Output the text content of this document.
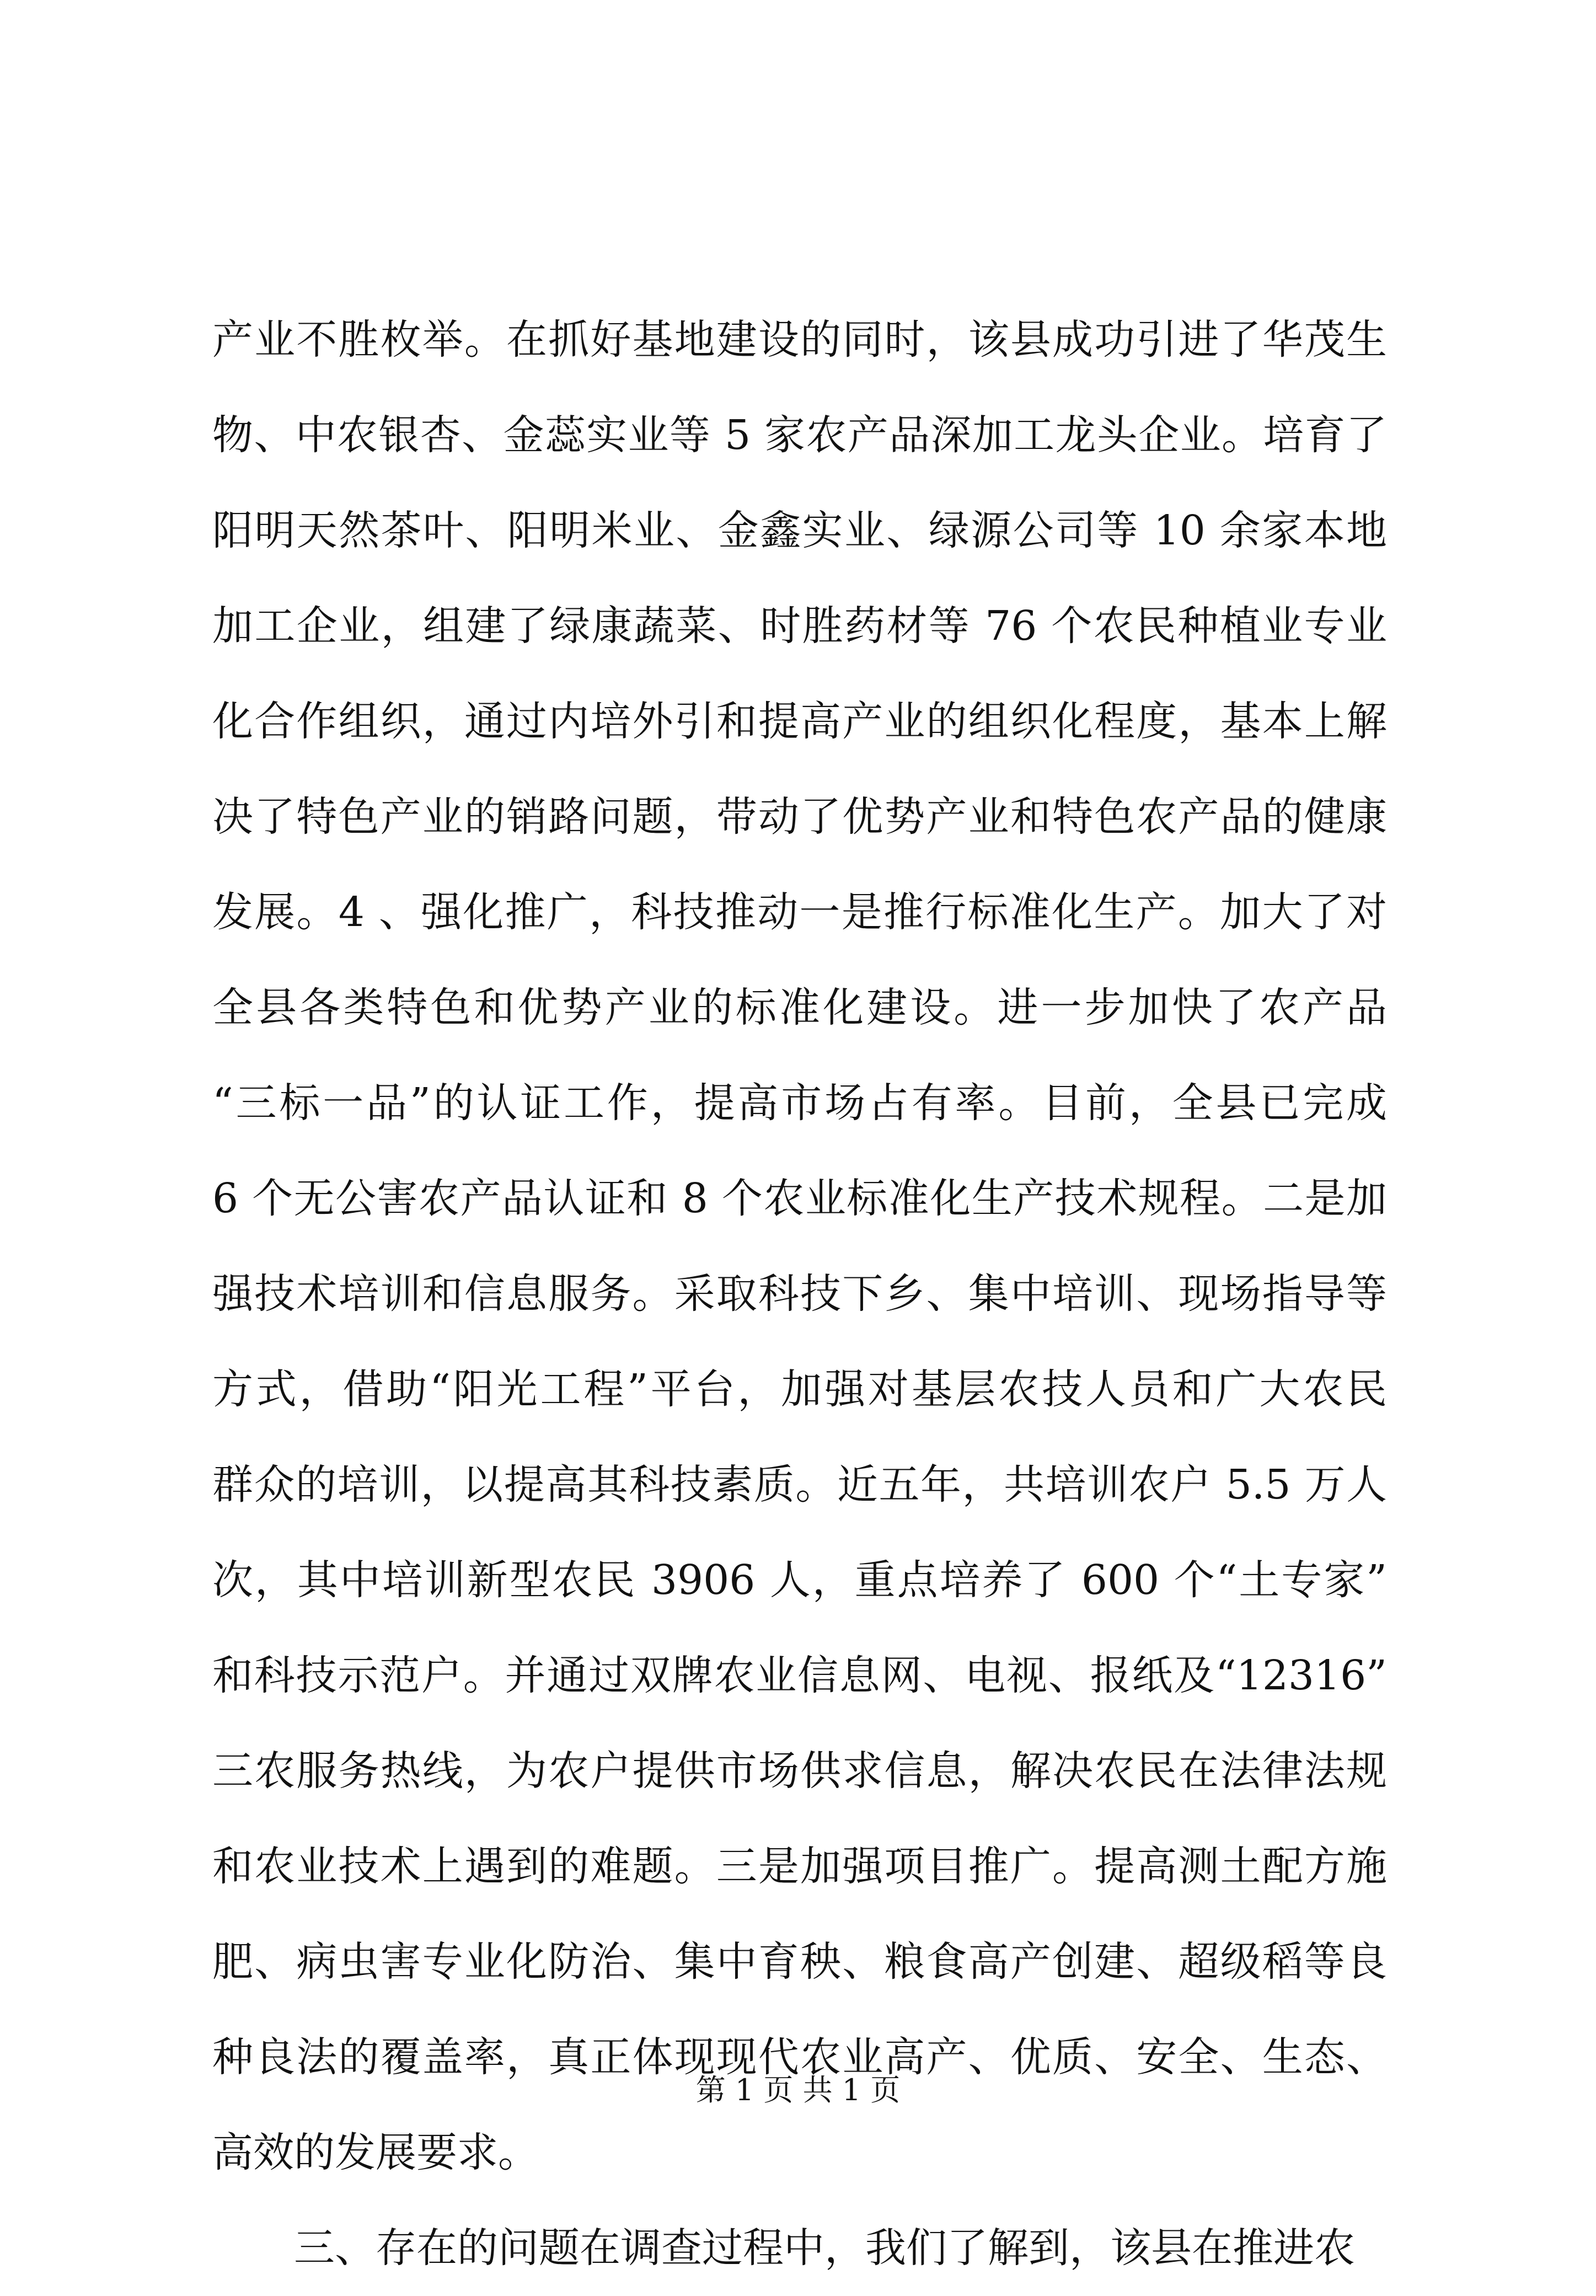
产业不胜枚举。在抓好基地建设的同时，该县成功引进了华茂生
物、中农银杏、金蕊实业等 5 家农产品深加工龙头企业。培育了
阳明天然茶叶、阳明米业、金鑫实业、绿源公司等 10 余家本地
加工企业，组建了绿康蔬菜、时胜药材等 76 个农民种植业专业
化合作组织，通过内培外引和提高产业的组织化程度，基本上解
决了特色产业的销路问题，带动了优势产业和特色农产品的健康
发展。4 、强化推广，科技推动一是推行标准化生产。加大了对
全县各类特色和优势产业的标准化建设。进一步加快了农产品
“三标一品”的认证工作，提高市场占有率。目前，全县已完成
6 个无公害农产品认证和 8 个农业标准化生产技术规程。二是加
强技术培训和信息服务。采取科技下乡、集中培训、现场指导等
方式，借助“阳光工程”平台，加强对基层农技人员和广大农民
群众的培训，以提高其科技素质。近五年，共培训农户 5.5 万人
次，其中培训新型农民 3906 人，重点培养了 600 个“土专家”
和科技示范户。并通过双牌农业信息网、电视、报纸及“12316”
三农服务热线，为农户提供市场供求信息，解决农民在法律法规
和农业技术上遇到的难题。三是加强项目推广。提高测土配方施
肥、病虫害专业化防治、集中育秧、粮食高产创建、超级稻等良
种良法的覆盖率，真正体现现代农业高产、优质、安全、生态、
高效的发展要求。
三、存在的问题在调查过程中，我们了解到，该县在推进农
第 1 页 共 1 页
